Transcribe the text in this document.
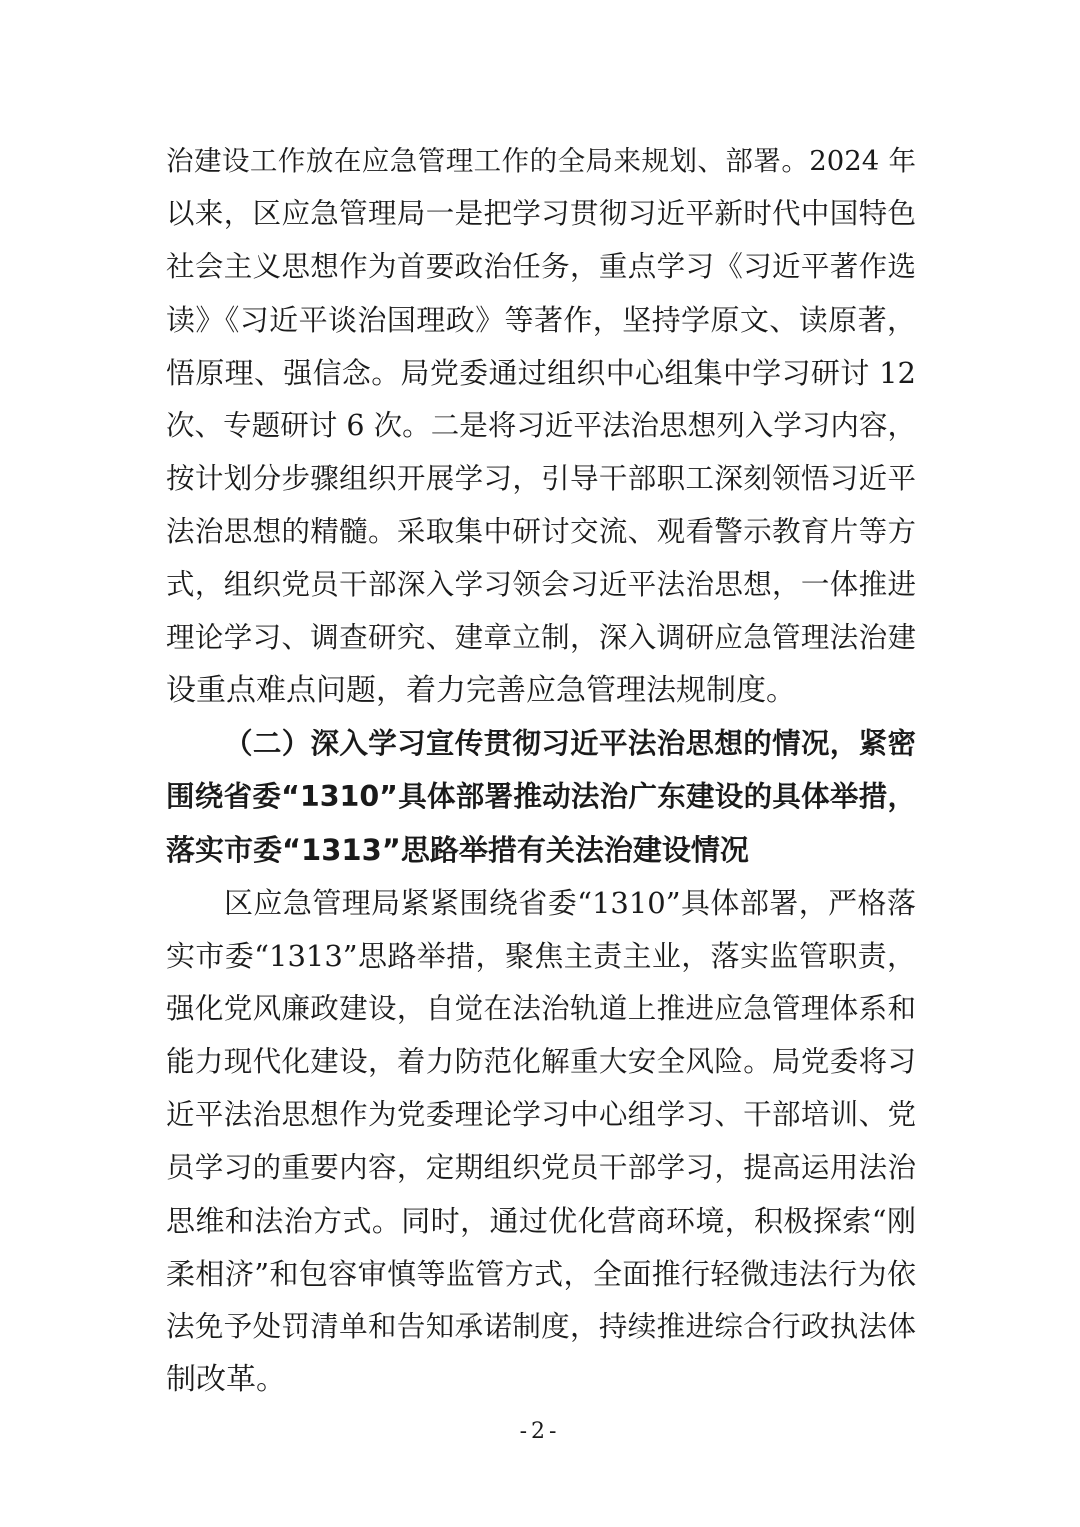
治建设工作放在应急管理工作的全局来规划、部署。2024 年
以来，区应急管理局一是把学习贯彻习近平新时代中国特色
社会主义思想作为首要政治任务，重点学习《习近平著作选
读》《习近平谈治国理政》等著作，坚持学原文、读原著，
悟原理、强信念。局党委通过组织中心组集中学习研讨 12
次、专题研讨 6 次。二是将习近平法治思想列入学习内容，
按计划分步骤组织开展学习，引导干部职工深刻领悟习近平
法治思想的精髓。采取集中研讨交流、观看警示教育片等方
式，组织党员干部深入学习领会习近平法治思想，一体推进
理论学习、调查研究、建章立制，深入调研应急管理法治建
设重点难点问题，着力完善应急管理法规制度。
（二）深入学习宣传贯彻习近平法治思想的情况，紧密
围绕省委“1310”具体部署推动法治广东建设的具体举措，
落实市委“1313”思路举措有关法治建设情况
区应急管理局紧紧围绕省委“1310”具体部署，严格落
实市委“1313”思路举措，聚焦主责主业，落实监管职责，
强化党风廉政建设，自觉在法治轨道上推进应急管理体系和
能力现代化建设，着力防范化解重大安全风险。局党委将习
近平法治思想作为党委理论学习中心组学习、干部培训、党
员学习的重要内容，定期组织党员干部学习，提高运用法治
思维和法治方式。同时，通过优化营商环境，积极探索“刚
柔相济”和包容审慎等监管方式，全面推行轻微违法行为依
法免予处罚清单和告知承诺制度，持续推进综合行政执法体
制改革。
-2-
